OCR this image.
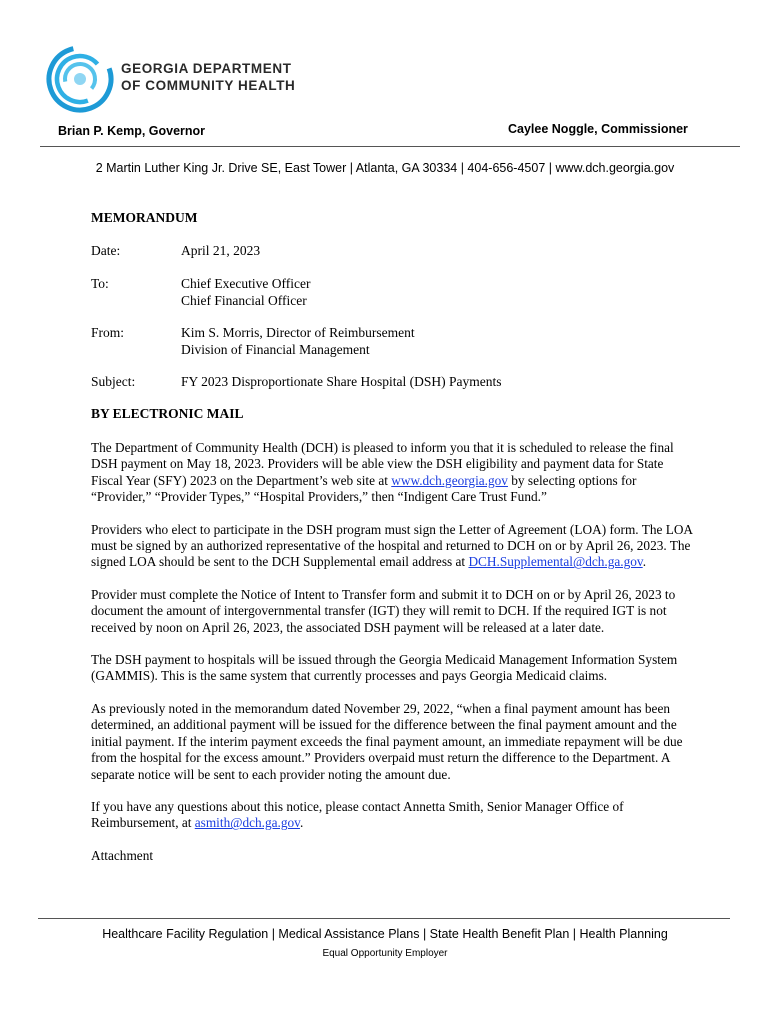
GEORGIA DEPARTMENT
OF COMMUNITY HEALTH
Brian P. Kemp, Governor	Caylee Noggle, Commissioner
2 Martin Luther King Jr. Drive SE, East Tower | Atlanta, GA 30334 | 404-656-4507 | www.dch.georgia.gov
MEMORANDUM
Date:	April 21, 2023
To:	Chief Executive Officer
Chief Financial Officer
From:	Kim S. Morris, Director of Reimbursement
Division of Financial Management
Subject:	FY 2023 Disproportionate Share Hospital (DSH) Payments
BY ELECTRONIC MAIL

The Department of Community Health (DCH) is pleased to inform you that it is scheduled to release the final DSH payment on May 18, 2023. Providers will be able view the DSH eligibility and payment data for State Fiscal Year (SFY) 2023 on the Department’s web site at www.dch.georgia.gov by selecting options for “Provider,” “Provider Types,” “Hospital Providers,” then “Indigent Care Trust Fund.”

Providers who elect to participate in the DSH program must sign the Letter of Agreement (LOA) form. The LOA must be signed by an authorized representative of the hospital and returned to DCH on or by April 26, 2023. The signed LOA should be sent to the DCH Supplemental email address at DCH.Supplemental@dch.ga.gov.

Provider must complete the Notice of Intent to Transfer form and submit it to DCH on or by April 26, 2023 to document the amount of intergovernmental transfer (IGT) they will remit to DCH. If the required IGT is not received by noon on April 26, 2023, the associated DSH payment will be released at a later date.

The DSH payment to hospitals will be issued through the Georgia Medicaid Management Information System (GAMMIS). This is the same system that currently processes and pays Georgia Medicaid claims.

As previously noted in the memorandum dated November 29, 2022, “when a final payment amount has been determined, an additional payment will be issued for the difference between the final payment amount and the initial payment. If the interim payment exceeds the final payment amount, an immediate repayment will be due from the hospital for the excess amount.” Providers overpaid must return the difference to the Department. A separate notice will be sent to each provider noting the amount due.

If you have any questions about this notice, please contact Annetta Smith, Senior Manager Office of Reimbursement, at asmith@dch.ga.gov.

Attachment

Healthcare Facility Regulation | Medical Assistance Plans | State Health Benefit Plan | Health Planning
Equal Opportunity Employer
